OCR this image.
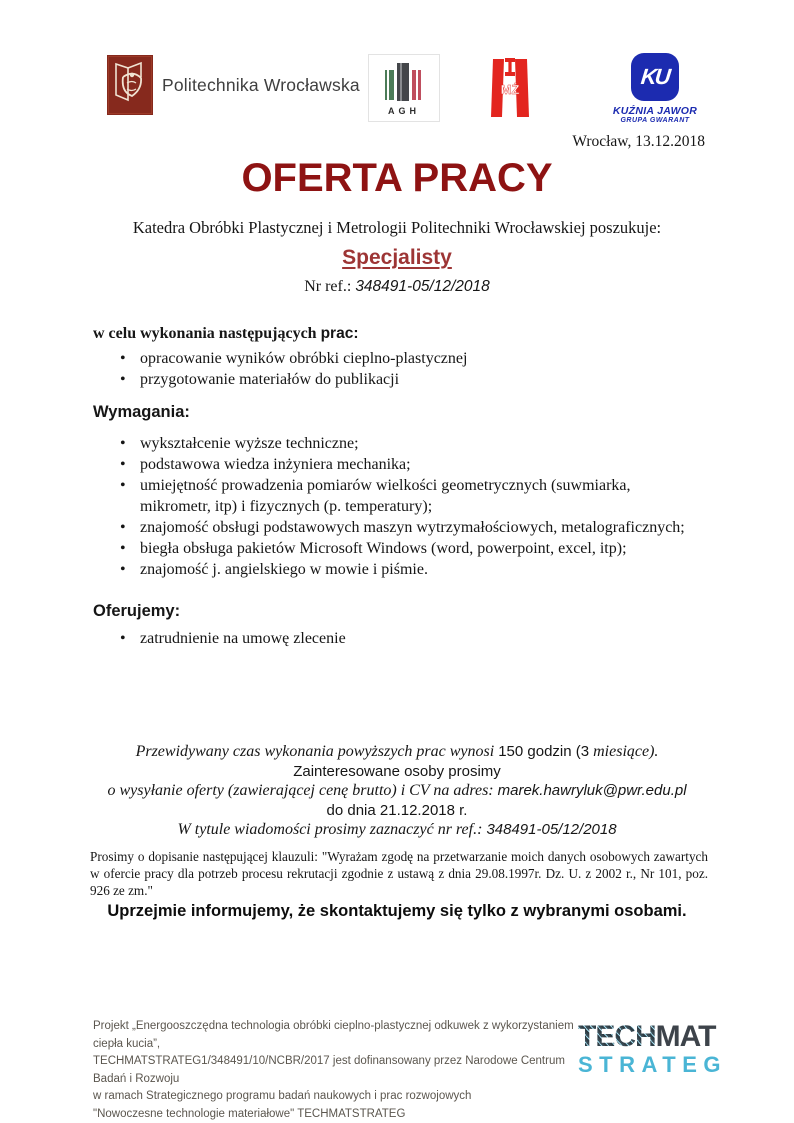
Politechnika Wrocławska
AGH
MŻ
KU
KUŹNIA JAWOR
GRUPA GWARANT
Wrocław, 13.12.2018
OFERTA PRACY
Katedra Obróbki Plastycznej i Metrologii Politechniki Wrocławskiej poszukuje:
Specjalisty
Nr ref.: 348491-05/12/2018
w celu wykonania następujących prac:
• opracowanie wyników obróbki cieplno-plastycznej
• przygotowanie materiałów do publikacji
Wymagania:
• wykształcenie wyższe techniczne;
• podstawowa wiedza inżyniera mechanika;
• umiejętność prowadzenia pomiarów wielkości geometrycznych (suwmiarka, mikrometr, itp) i fizycznych (p. temperatury);
• znajomość obsługi podstawowych maszyn wytrzymałościowych, metalograficznych;
• biegła obsługa pakietów Microsoft Windows (word, powerpoint, excel, itp);
• znajomość j. angielskiego w mowie i piśmie.
Oferujemy:
• zatrudnienie na umowę zlecenie
Przewidywany czas wykonania powyższych prac wynosi 150 godzin (3 miesiące).
Zainteresowane osoby prosimy
o wysyłanie oferty (zawierającej cenę brutto) i CV na adres: marek.hawryluk@pwr.edu.pl
do dnia 21.12.2018 r.
W tytule wiadomości prosimy zaznaczyć nr ref.: 348491-05/12/2018
Prosimy o dopisanie następującej klauzuli: "Wyrażam zgodę na przetwarzanie moich danych osobowych zawartych w ofercie pracy dla potrzeb procesu rekrutacji zgodnie z ustawą z dnia 29.08.1997r. Dz. U. z 2002 r., Nr 101, poz. 926 ze zm."
Uprzejmie informujemy, że skontaktujemy się tylko z wybranymi osobami.
Projekt „Energooszczędna technologia obróbki cieplno-plastycznej odkuwek z wykorzystaniem ciepła kucia”,
TECHMATSTRATEG1/348491/10/NCBR/2017 jest dofinansowany przez Narodowe Centrum Badań i Rozwoju
w ramach Strategicznego programu badań naukowych i prac rozwojowych
"Nowoczesne technologie materiałowe" TECHMATSTRATEG
TECHMAT
STRATEG
